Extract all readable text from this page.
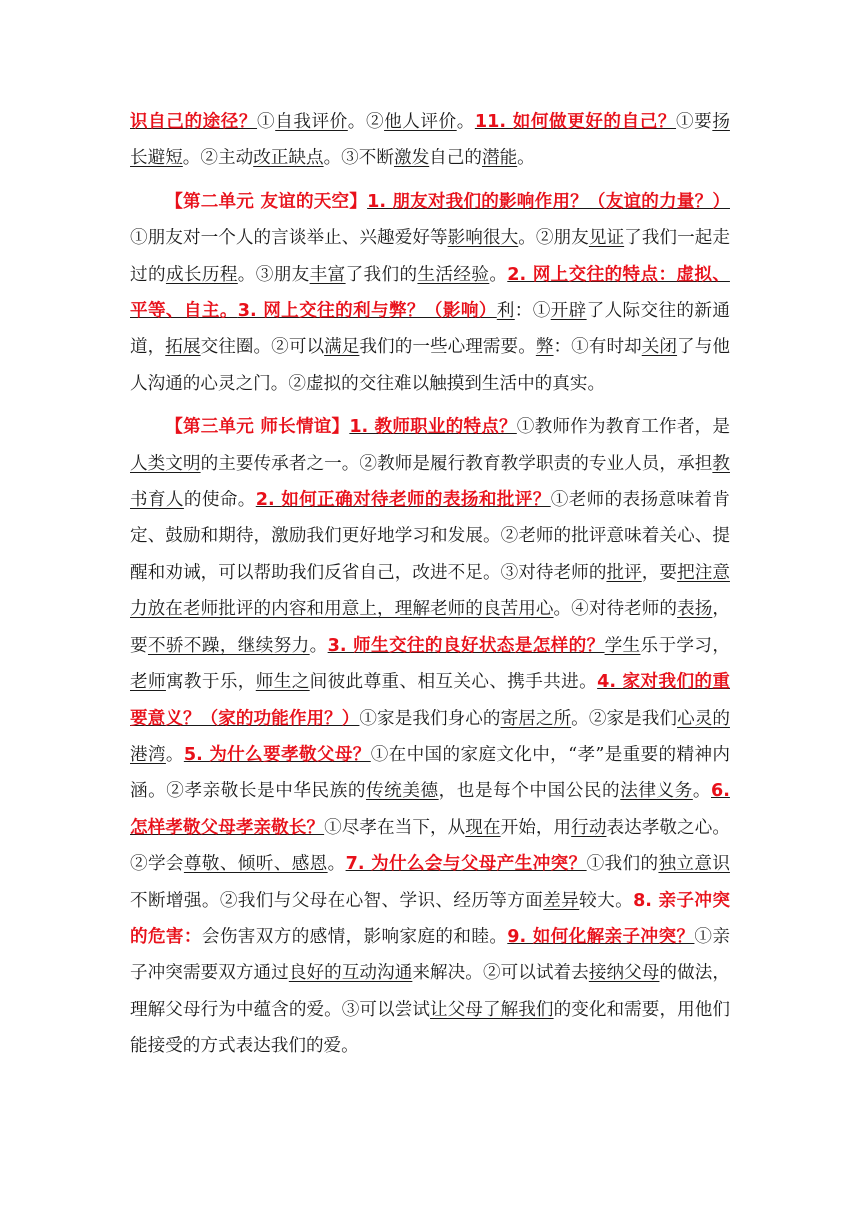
识自己的途径？①自我评价。②他人评价。11. 如何做更好的自己？①要扬长避短。②主动改正缺点。③不断激发自己的潜能。

【第二单元 友谊的天空】1. 朋友对我们的影响作用？（友谊的力量？）①朋友对一个人的言谈举止、兴趣爱好等影响很大。②朋友见证了我们一起走过的成长历程。③朋友丰富了我们的生活经验。2. 网上交往的特点：虚拟、平等、自主。3. 网上交往的利与弊？（影响）利：①开辟了人际交往的新通道，拓展交往圈。②可以满足我们的一些心理需要。弊：①有时却关闭了与他人沟通的心灵之门。②虚拟的交往难以触摸到生活中的真实。

【第三单元 师长情谊】1. 教师职业的特点？①教师作为教育工作者，是人类文明的主要传承者之一。②教师是履行教育教学职责的专业人员，承担教书育人的使命。2. 如何正确对待老师的表扬和批评？①老师的表扬意味着肯定、鼓励和期待，激励我们更好地学习和发展。②老师的批评意味着关心、提醒和劝诫，可以帮助我们反省自己，改进不足。③对待老师的批评，要把注意力放在老师批评的内容和用意上，理解老师的良苦用心。④对待老师的表扬，要不骄不躁，继续努力。3. 师生交往的良好状态是怎样的？学生乐于学习，老师寓教于乐，师生之间彼此尊重、相互关心、携手共进。4. 家对我们的重要意义？（家的功能作用？）①家是我们身心的寄居之所。②家是我们心灵的港湾。5. 为什么要孝敬父母？①在中国的家庭文化中，“孝”是重要的精神内涵。②孝亲敬长是中华民族的传统美德，也是每个中国公民的法律义务。6. 怎样孝敬父母孝亲敬长？①尽孝在当下，从现在开始，用行动表达孝敬之心。②学会尊敬、倾听、感恩。7. 为什么会与父母产生冲突？①我们的独立意识不断增强。②我们与父母在心智、学识、经历等方面差异较大。8. 亲子冲突的危害：会伤害双方的感情，影响家庭的和睦。9. 如何化解亲子冲突？①亲子冲突需要双方通过良好的互动沟通来解决。②可以试着去接纳父母的做法，理解父母行为中蕴含的爱。③可以尝试让父母了解我们的变化和需要，用他们能接受的方式表达我们的爱。
